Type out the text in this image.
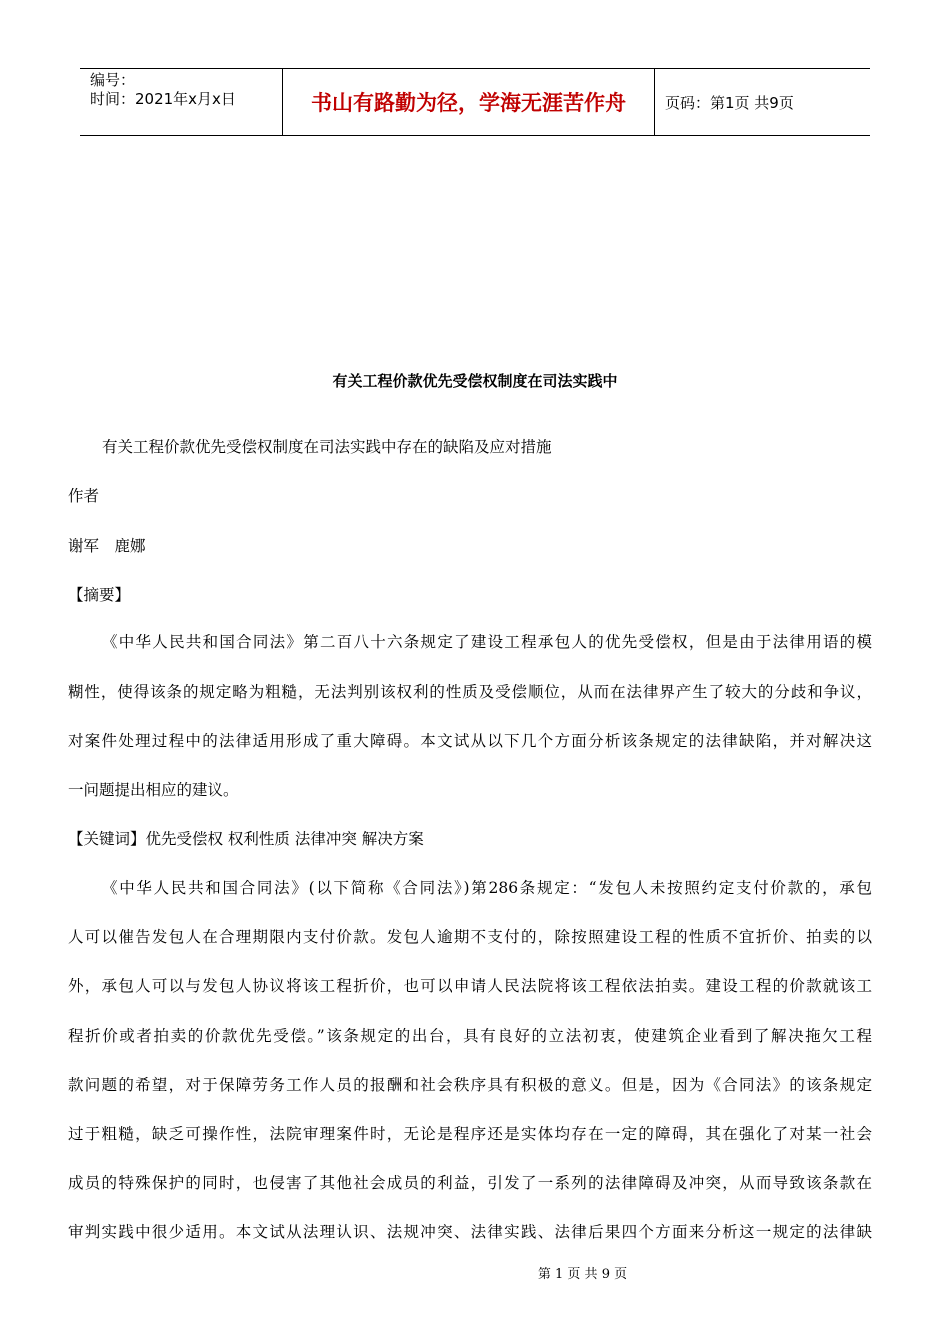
编号：
时间：2021年x月x日	书山有路勤为径，学海无涯苦作舟	页码：第1页 共9页
有关工程价款优先受偿权制度在司法实践中
有关工程价款优先受偿权制度在司法实践中存在的缺陷及应对措施
作者
谢军　鹿娜
【摘要】
《中华人民共和国合同法》第二百八十六条规定了建设工程承包人的优先受偿权，但是由于法律用语的模
糊性，使得该条的规定略为粗糙，无法判别该权利的性质及受偿顺位，从而在法律界产生了较大的分歧和争议，
对案件处理过程中的法律适用形成了重大障碍。本文试从以下几个方面分析该条规定的法律缺陷，并对解决这
一问题提出相应的建议。
【关键词】优先受偿权 权利性质 法律冲突 解决方案
《中华人民共和国合同法》(以下简称《合同法》)第286条规定：“发包人未按照约定支付价款的，承包
人可以催告发包人在合理期限内支付价款。发包人逾期不支付的，除按照建设工程的性质不宜折价、拍卖的以
外，承包人可以与发包人协议将该工程折价，也可以申请人民法院将该工程依法拍卖。建设工程的价款就该工
程折价或者拍卖的价款优先受偿。”该条规定的出台，具有良好的立法初衷，使建筑企业看到了解决拖欠工程
款问题的希望，对于保障劳务工作人员的报酬和社会秩序具有积极的意义。但是，因为《合同法》的该条规定
过于粗糙，缺乏可操作性，法院审理案件时，无论是程序还是实体均存在一定的障碍，其在强化了对某一社会
成员的特殊保护的同时，也侵害了其他社会成员的利益，引发了一系列的法律障碍及冲突，从而导致该条款在
审判实践中很少适用。本文试从法理认识、法规冲突、法律实践、法律后果四个方面来分析这一规定的法律缺
第 1 页 共 9 页
